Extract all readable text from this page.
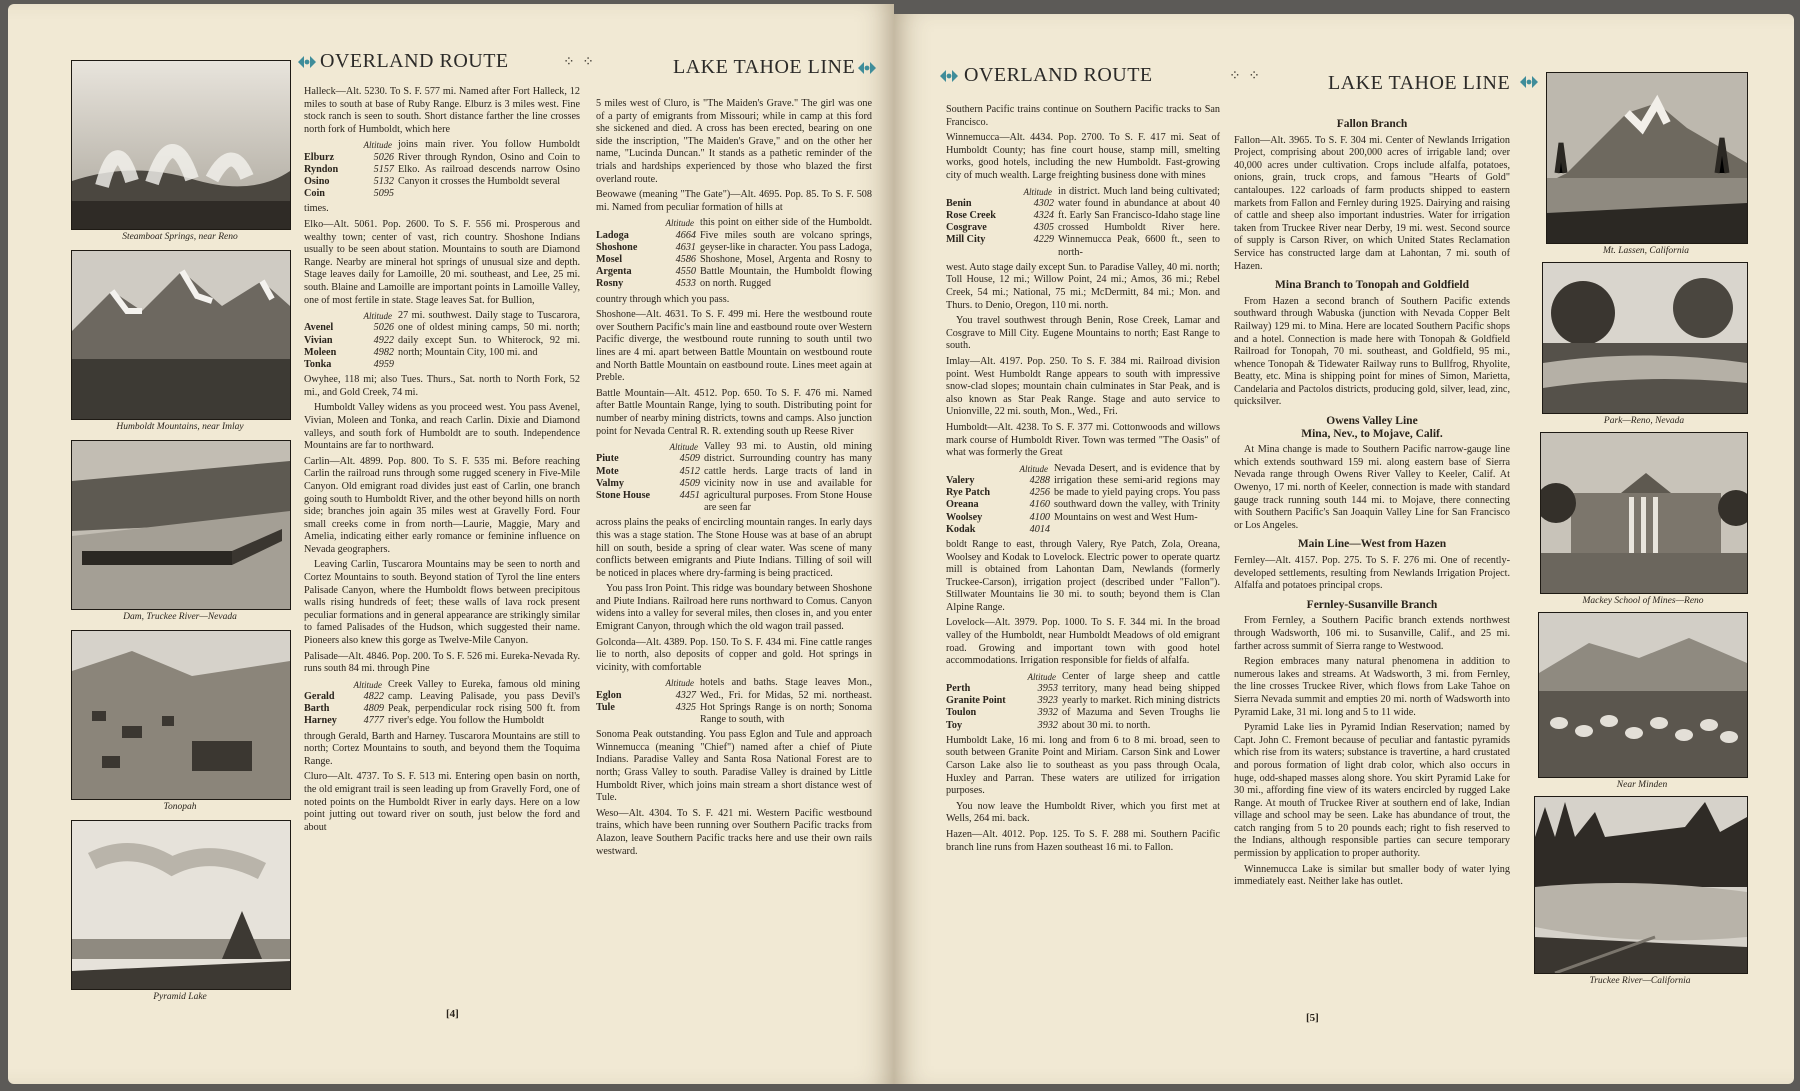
OVERLAND ROUTE	⁘ ⁘	LAKE TAHOE LINE
Steamboat Springs, near Reno
Humboldt Mountains, near Imlay
Dam, Truckee River—Nevada
Tonopah
Pyramid Lake

Halleck—Alt. 5230. To S. F. 577 mi. Named after Fort Halleck, 12 miles to south at base of Ruby Range. Elburz is 3 miles west. Fine stock ranch is seen to south. Short distance farther the line crosses north fork of Humboldt, which here

Altitude
Elburz	5026
Ryndon	5157
Osino	5132
Coin	5095
joins main river. You follow Humboldt River through Ryndon, Osino and Coin to Elko. As railroad descends narrow Osino Canyon it crosses the Humboldt several

times.

Elko—Alt. 5061. Pop. 2600. To S. F. 556 mi. Prosperous and wealthy town; center of vast, rich country. Shoshone Indians usually to be seen about station. Mountains to south are Diamond Range. Nearby are mineral hot springs of unusual size and depth. Stage leaves daily for Lamoille, 20 mi. southeast, and Lee, 25 mi. south. Blaine and Lamoille are important points in Lamoille Valley, one of most fertile in state. Stage leaves Sat. for Bullion,

Altitude
Avenel	5026
Vivian	4922
Moleen	4982
Tonka	4959
27 mi. southwest. Daily stage to Tuscarora, one of oldest mining camps, 50 mi. north; daily except Sun. to Whiterock, 92 mi. north; Mountain City, 100 mi. and

Owyhee, 118 mi; also Tues. Thurs., Sat. north to North Fork, 52 mi., and Gold Creek, 74 mi.

Humboldt Valley widens as you proceed west. You pass Avenel, Vivian, Moleen and Tonka, and reach Carlin. Dixie and Diamond valleys, and south fork of Humboldt are to south. Independence Mountains are far to northward.

Carlin—Alt. 4899. Pop. 800. To S. F. 535 mi. Before reaching Carlin the railroad runs through some rugged scenery in Five-Mile Canyon. Old emigrant road divides just east of Carlin, one branch going south to Humboldt River, and the other beyond hills on north side; branches join again 35 miles west at Gravelly Ford. Four small creeks come in from north—Laurie, Maggie, Mary and Amelia, indicating either early romance or feminine influence on Nevada geographers.

Leaving Carlin, Tuscarora Mountains may be seen to north and Cortez Mountains to south. Beyond station of Tyrol the line enters Palisade Canyon, where the Humboldt flows between precipitous walls rising hundreds of feet; these walls of lava rock present peculiar formations and in general appearance are strikingly similar to famed Palisades of the Hudson, which suggested their name. Pioneers also knew this gorge as Twelve-Mile Canyon.

Palisade—Alt. 4846. Pop. 200. To S. F. 526 mi. Eureka-Nevada Ry. runs south 84 mi. through Pine

Altitude
Gerald	4822
Barth	4809
Harney	4777
Creek Valley to Eureka, famous old mining camp. Leaving Palisade, you pass Devil's Peak, perpendicular rock rising 500 ft. from river's edge. You follow the Humboldt

through Gerald, Barth and Harney. Tuscarora Mountains are still to north; Cortez Mountains to south, and beyond them the Toquima Range.

Cluro—Alt. 4737. To S. F. 513 mi. Entering open basin on north, the old emigrant trail is seen leading up from Gravelly Ford, one of noted points on the Humboldt River in early days. Here on a low point jutting out toward river on south, just below the ford and about

5 miles west of Cluro, is "The Maiden's Grave." The girl was one of a party of emigrants from Missouri; while in camp at this ford she sickened and died. A cross has been erected, bearing on one side the inscription, "The Maiden's Grave," and on the other her name, "Lucinda Duncan." It stands as a pathetic reminder of the trials and hardships experienced by those who blazed the first overland route.

Beowawe (meaning "The Gate")—Alt. 4695. Pop. 85. To S. F. 508 mi. Named from peculiar formation of hills at

Altitude
Ladoga	4664
Shoshone	4631
Mosel	4586
Argenta	4550
Rosny	4533
this point on either side of the Humboldt. Five miles south are volcano springs, geyser-like in character. You pass Ladoga, Shoshone, Mosel, Argenta and Rosny to Battle Mountain, the Humboldt flowing on north. Rugged

country through which you pass.

Shoshone—Alt. 4631. To S. F. 499 mi. Here the westbound route over Southern Pacific's main line and eastbound route over Western Pacific diverge, the westbound route running to south until two lines are 4 mi. apart between Battle Mountain on westbound route and North Battle Mountain on eastbound route. Lines meet again at Preble.

Battle Mountain—Alt. 4512. Pop. 650. To S. F. 476 mi. Named after Battle Mountain Range, lying to south. Distributing point for number of nearby mining districts, towns and camps. Also junction point for Nevada Central R. R. extending south up Reese River

Altitude
Piute	4509
Mote	4512
Valmy	4509
Stone House	4451
Valley 93 mi. to Austin, old mining district. Surrounding country has many cattle herds. Large tracts of land in vicinity now in use and available for agricultural purposes. From Stone House are seen far

across plains the peaks of encircling mountain ranges. In early days this was a stage station. The Stone House was at base of an abrupt hill on south, beside a spring of clear water. Was scene of many conflicts between emigrants and Piute Indians. Tilling of soil will be noticed in places where dry-farming is being practiced.

You pass Iron Point. This ridge was boundary between Shoshone and Piute Indians. Railroad here runs northward to Comus. Canyon widens into a valley for several miles, then closes in, and you enter Emigrant Canyon, through which the old wagon trail passed.

Golconda—Alt. 4389. Pop. 150. To S. F. 434 mi. Fine cattle ranges lie to north, also deposits of copper and gold. Hot springs in vicinity, with comfortable

Altitude
Eglon	4327
Tule	4325
hotels and baths. Stage leaves Mon., Wed., Fri. for Midas, 52 mi. northeast. Hot Springs Range is on north; Sonoma Range to south, with

Sonoma Peak outstanding. You pass Eglon and Tule and approach Winnemucca (meaning "Chief") named after a chief of Piute Indians. Paradise Valley and Santa Rosa National Forest are to north; Grass Valley to south. Paradise Valley is drained by Little Humboldt River, which joins main stream a short distance west of Tule.

Weso—Alt. 4304. To S. F. 421 mi. Western Pacific westbound trains, which have been running over Southern Pacific tracks from Alazon, leave Southern Pacific tracks here and use their own rails westward.

[4]
OVERLAND ROUTE	⁘ ⁘	LAKE TAHOE LINE

Southern Pacific trains continue on Southern Pacific tracks to San Francisco.

Winnemucca—Alt. 4434. Pop. 2700. To S. F. 417 mi. Seat of Humboldt County; has fine court house, stamp mill, smelting works, good hotels, including the new Humboldt. Fast-growing city of much wealth. Large freighting business done with mines

Altitude
Benin	4302
Rose Creek	4324
Cosgrave	4305
Mill City	4229
in district. Much land being cultivated; water found in abundance at about 40 ft. Early San Francisco-Idaho stage line crossed Humboldt River here. Winnemucca Peak, 6600 ft., seen to north-

west. Auto stage daily except Sun. to Paradise Valley, 40 mi. north; Toll House, 12 mi.; Willow Point, 24 mi.; Amos, 36 mi.; Rebel Creek, 54 mi.; National, 75 mi.; McDermitt, 84 mi.; Mon. and Thurs. to Denio, Oregon, 110 mi. north.

You travel southwest through Benin, Rose Creek, Lamar and Cosgrave to Mill City. Eugene Mountains to north; East Range to south.

Imlay—Alt. 4197. Pop. 250. To S. F. 384 mi. Railroad division point. West Humboldt Range appears to south with impressive snow-clad slopes; mountain chain culminates in Star Peak, and is also known as Star Peak Range. Stage and auto service to Unionville, 22 mi. south, Mon., Wed., Fri.

Humboldt—Alt. 4238. To S. F. 377 mi. Cottonwoods and willows mark course of Humboldt River. Town was termed "The Oasis" of what was formerly the Great

Altitude
Valery	4288
Rye Patch	4256
Oreana	4160
Woolsey	4100
Kodak	4014
Nevada Desert, and is evidence that by irrigation these semi-arid regions may be made to yield paying crops. You pass southward down the valley, with Trinity Mountains on west and West Hum-

boldt Range to east, through Valery, Rye Patch, Zola, Oreana, Woolsey and Kodak to Lovelock. Electric power to operate quartz mill is obtained from Lahontan Dam, Newlands (formerly Truckee-Carson), irrigation project (described under "Fallon"). Stillwater Mountains lie 30 mi. to south; beyond them is Clan Alpine Range.

Lovelock—Alt. 3979. Pop. 1000. To S. F. 344 mi. In the broad valley of the Humboldt, near Humboldt Meadows of old emigrant road. Growing and important town with good hotel accommodations. Irrigation responsible for fields of alfalfa.

Altitude
Perth	3953
Granite Point	3923
Toulon	3932
Toy	3932
Center of large sheep and cattle territory, many head being shipped yearly to market. Rich mining districts of Mazuma and Seven Troughs lie about 30 mi. to north.

Humboldt Lake, 16 mi. long and from 6 to 8 mi. broad, seen to south between Granite Point and Miriam. Carson Sink and Lower Carson Lake also lie to southeast as you pass through Ocala, Huxley and Parran. These waters are utilized for irrigation purposes.

You now leave the Humboldt River, which you first met at Wells, 264 mi. back.

Hazen—Alt. 4012. Pop. 125. To S. F. 288 mi. Southern Pacific branch line runs from Hazen southeast 16 mi. to Fallon.

Fallon Branch

Fallon—Alt. 3965. To S. F. 304 mi. Center of Newlands Irrigation Project, comprising about 200,000 acres of irrigable land; over 40,000 acres under cultivation. Crops include alfalfa, potatoes, onions, grain, truck crops, and famous "Hearts of Gold" cantaloupes. 122 carloads of farm products shipped to eastern markets from Fallon and Fernley during 1925. Dairying and raising of cattle and sheep also important industries. Water for irrigation taken from Truckee River near Derby, 19 mi. west. Second source of supply is Carson River, on which United States Reclamation Service has constructed large dam at Lahontan, 7 mi. south of Hazen.

Mina Branch to Tonopah and Goldfield

From Hazen a second branch of Southern Pacific extends southward through Wabuska (junction with Nevada Copper Belt Railway) 129 mi. to Mina. Here are located Southern Pacific shops and a hotel. Connection is made here with Tonopah & Goldfield Railroad for Tonopah, 70 mi. southeast, and Goldfield, 95 mi., whence Tonopah & Tidewater Railway runs to Bullfrog, Rhyolite, Beatty, etc. Mina is shipping point for mines of Simon, Marietta, Candelaria and Pactolos districts, producing gold, silver, lead, zinc, quicksilver.

Owens Valley Line
Mina, Nev., to Mojave, Calif.

At Mina change is made to Southern Pacific narrow-gauge line which extends southward 159 mi. along eastern base of Sierra Nevada range through Owens River Valley to Keeler, Calif. At Owenyo, 17 mi. north of Keeler, connection is made with standard gauge track running south 144 mi. to Mojave, there connecting with Southern Pacific's San Joaquin Valley Line for San Francisco or Los Angeles.

Main Line—West from Hazen

Fernley—Alt. 4157. Pop. 275. To S. F. 276 mi. One of recently-developed settlements, resulting from Newlands Irrigation Project. Alfalfa and potatoes principal crops.

Fernley-Susanville Branch

From Fernley, a Southern Pacific branch extends northwest through Wadsworth, 106 mi. to Susanville, Calif., and 25 mi. farther across summit of Sierra range to Westwood.

Region embraces many natural phenomena in addition to numerous lakes and streams. At Wadsworth, 3 mi. from Fernley, the line crosses Truckee River, which flows from Lake Tahoe on Sierra Nevada summit and empties 20 mi. north of Wadsworth into Pyramid Lake, 31 mi. long and 5 to 11 wide.

Pyramid Lake lies in Pyramid Indian Reservation; named by Capt. John C. Fremont because of peculiar and fantastic pyramids which rise from its waters; substance is travertine, a hard crustated and porous formation of light drab color, which also occurs in huge, odd-shaped masses along shore. You skirt Pyramid Lake for 30 mi., affording fine view of its waters encircled by rugged Lake Range. At mouth of Truckee River at southern end of lake, Indian village and school may be seen. Lake has abundance of trout, the catch ranging from 5 to 20 pounds each; right to fish reserved to the Indians, although responsible parties can secure temporary permission by application to proper authority.

Winnemucca Lake is similar but smaller body of water lying immediately east. Neither lake has outlet.

Mt. Lassen, California
Park—Reno, Nevada
Mackey School of Mines—Reno
Near Minden
Truckee River—California
[5]
